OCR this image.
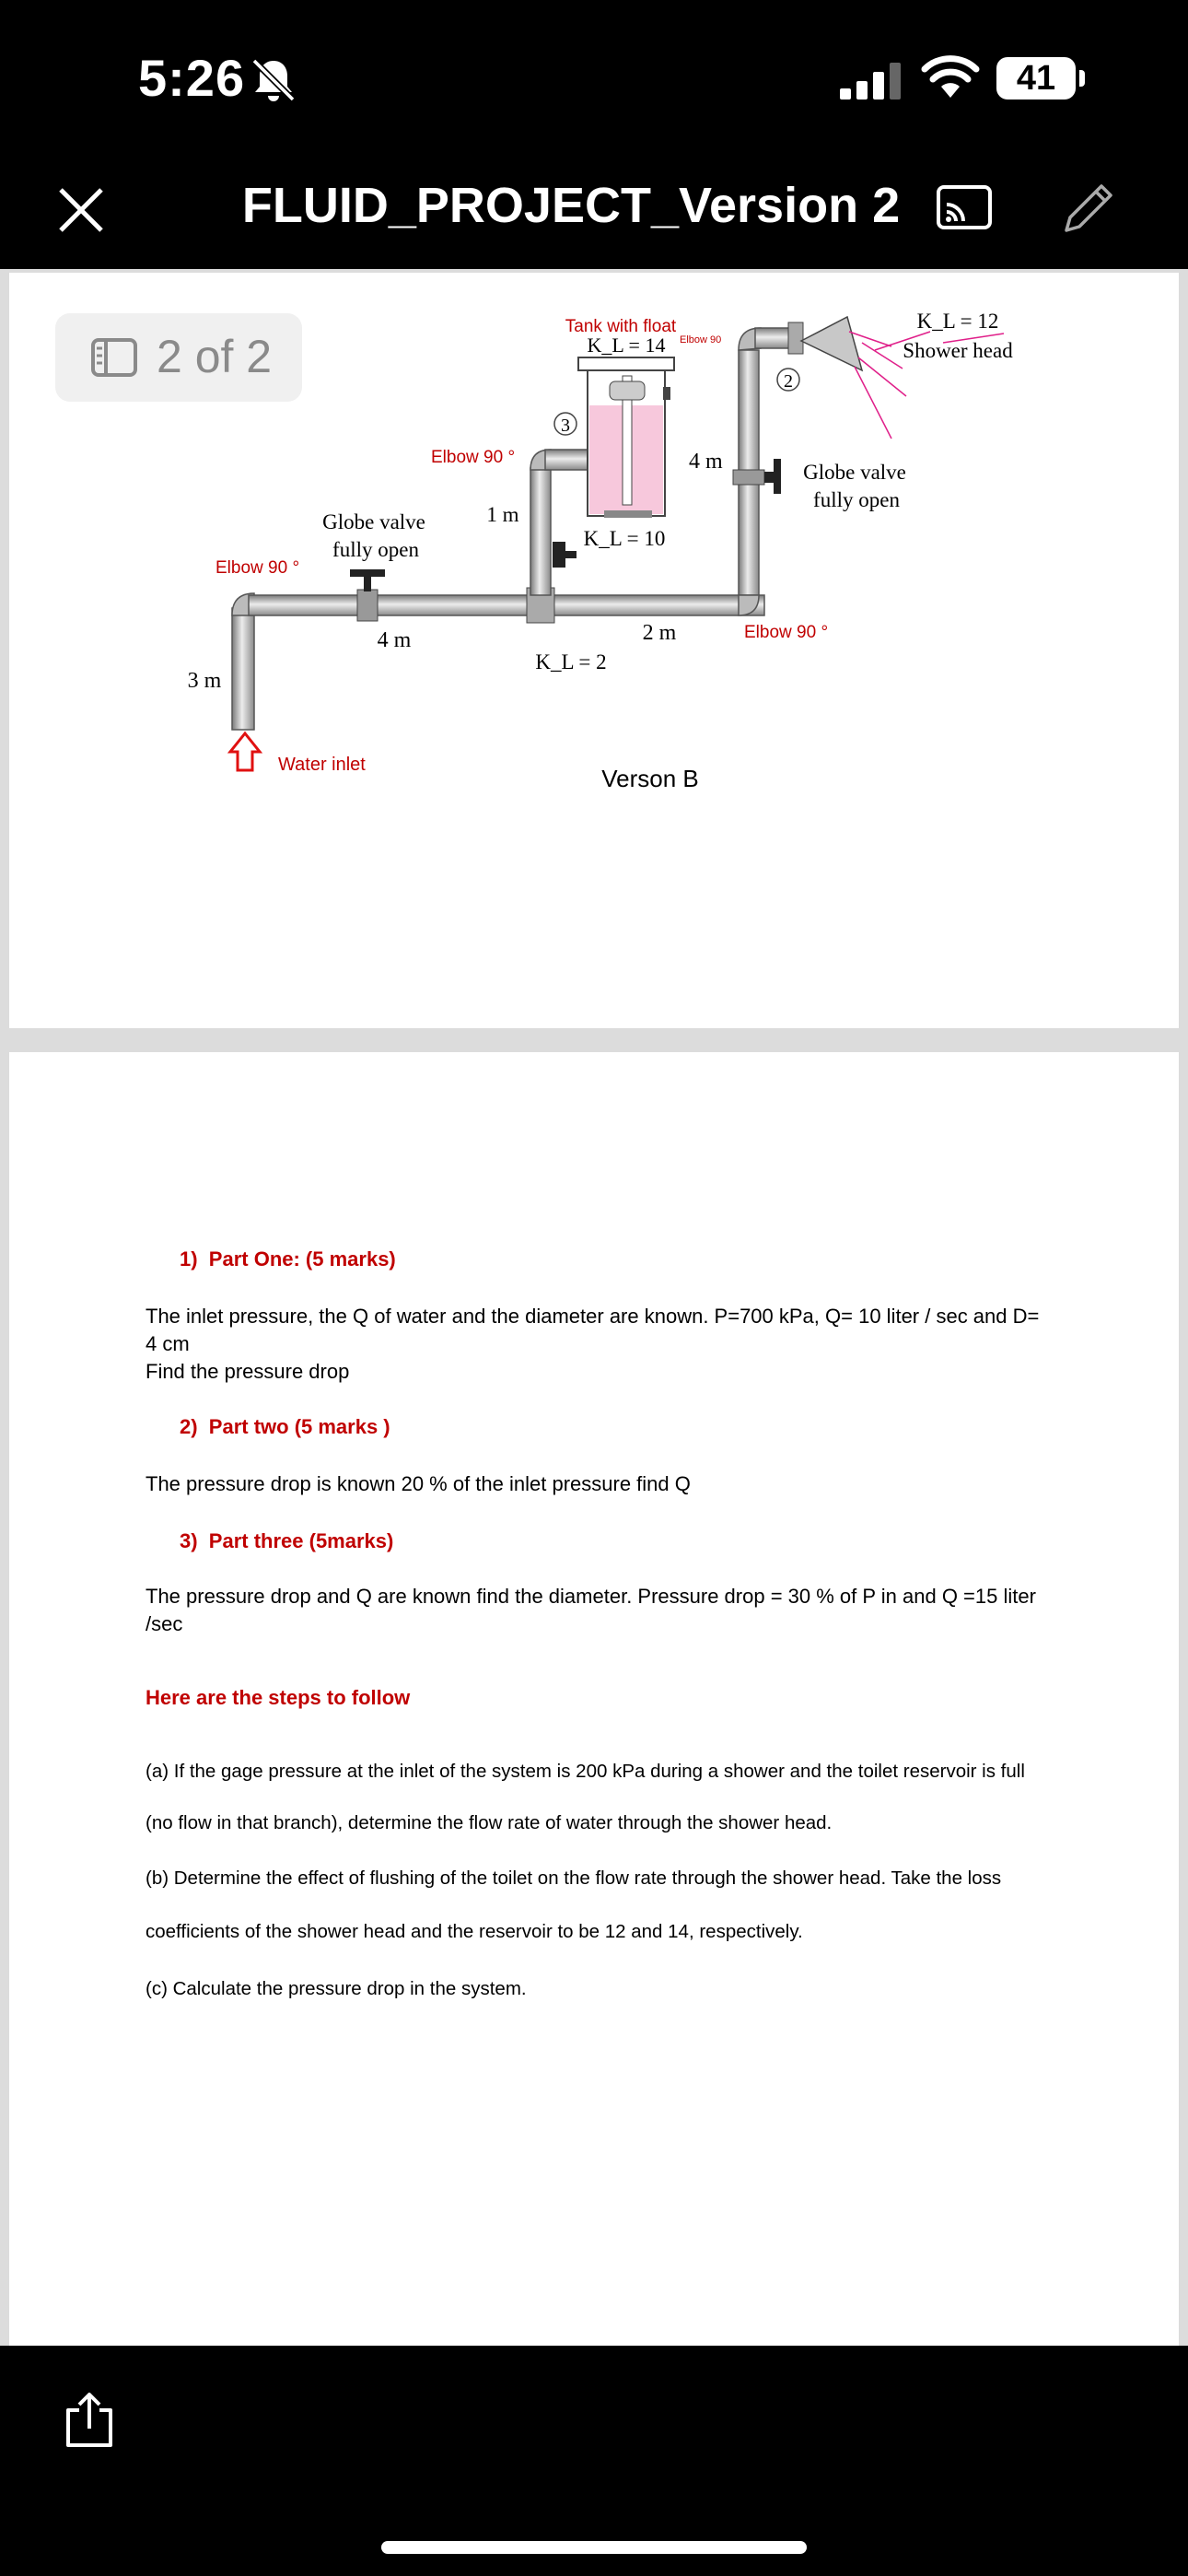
5:26	41
FLUID_PROJECT_Version 2
2
3
Tank with float
K_L = 14 Elbow 90
K_L = 12
Shower head
Elbow 90 °	4 m	Globe valve
fully open
1 m
K_L = 10
Globe valve
fully open
Elbow 90 °
4 m	2 m	Elbow 90 °
K_L = 2
3 m
Water inlet	Verson B
2 of 2
1) Part One: (5 marks)
The inlet pressure, the Q of water and the diameter are known. P=700 kPa, Q= 10 liter / sec and D= 4 cm
Find the pressure drop
2) Part two (5 marks )
The pressure drop is known 20 % of the inlet pressure find Q
3) Part three (5marks)
The pressure drop and Q are known find the diameter. Pressure drop = 30 % of P in and Q =15 liter /sec
Here are the steps to follow
(a) If the gage pressure at the inlet of the system is 200 kPa during a shower and the toilet reservoir is full
(no flow in that branch), determine the flow rate of water through the shower head.
(b) Determine the effect of flushing of the toilet on the flow rate through the shower head. Take the loss
coefficients of the shower head and the reservoir to be 12 and 14, respectively.
(c) Calculate the pressure drop in the system.
